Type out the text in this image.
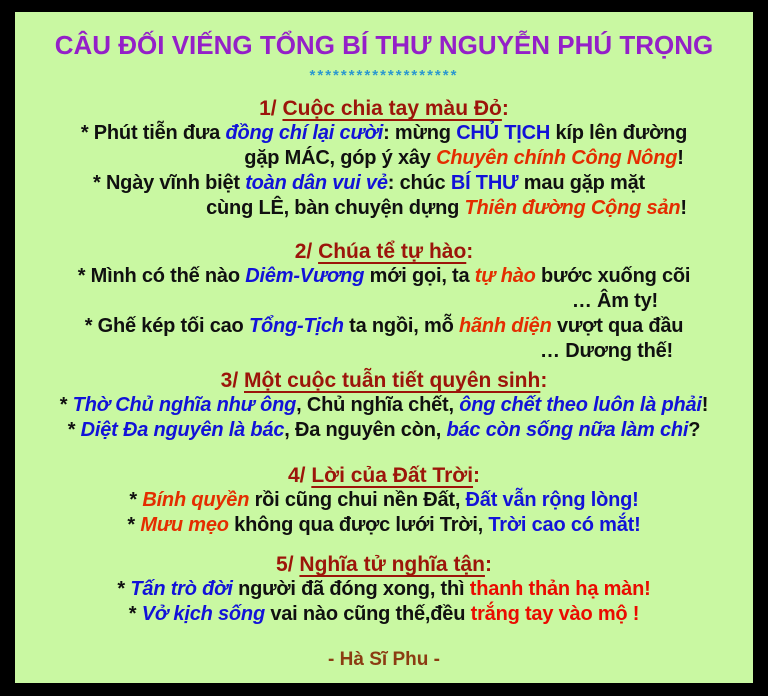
CÂU ĐỐI VIẾNG TỔNG BÍ THƯ NGUYỄN PHÚ TRỌNG
*******************
1/ Cuộc chia tay màu Đỏ:
* Phút tiễn đưa đồng chí lại cười: mừng CHỦ TỊCH kíp lên đường
gặp MÁC, góp ý xây Chuyên chính Công Nông!
* Ngày vĩnh biệt toàn dân vui vẻ: chúc BÍ THƯ mau gặp mặt
cùng LÊ, bàn chuyện dựng Thiên đường Cộng sản!
2/ Chúa tể tự hào:
* Mình có thế nào Diêm-Vương mới gọi, ta tự hào bước xuống cõi
… Âm ty!
* Ghế kép tối cao Tổng-Tịch ta ngồi, mỗ hãnh diện vượt qua đầu
… Dương thế!
3/ Một cuộc tuẫn tiết quyên sinh:
* Thờ Chủ nghĩa như ông, Chủ nghĩa chết, ông chết theo luôn là phải!
* Diệt Đa nguyên là bác, Đa nguyên còn, bác còn sống nữa làm chi?
4/ Lời của Đất Trời:
* Bính quyền rồi cũng chui nền Đất, Đất vẫn rộng lòng!
* Mưu mẹo không qua được lưới Trời, Trời cao có mắt!
5/ Nghĩa tử nghĩa tận:
* Tấn trò đời người đã đóng xong, thì thanh thản hạ màn!
* Vở kịch sống vai nào cũng thế,đều trắng tay vào mộ !
- Hà Sĩ Phu -
